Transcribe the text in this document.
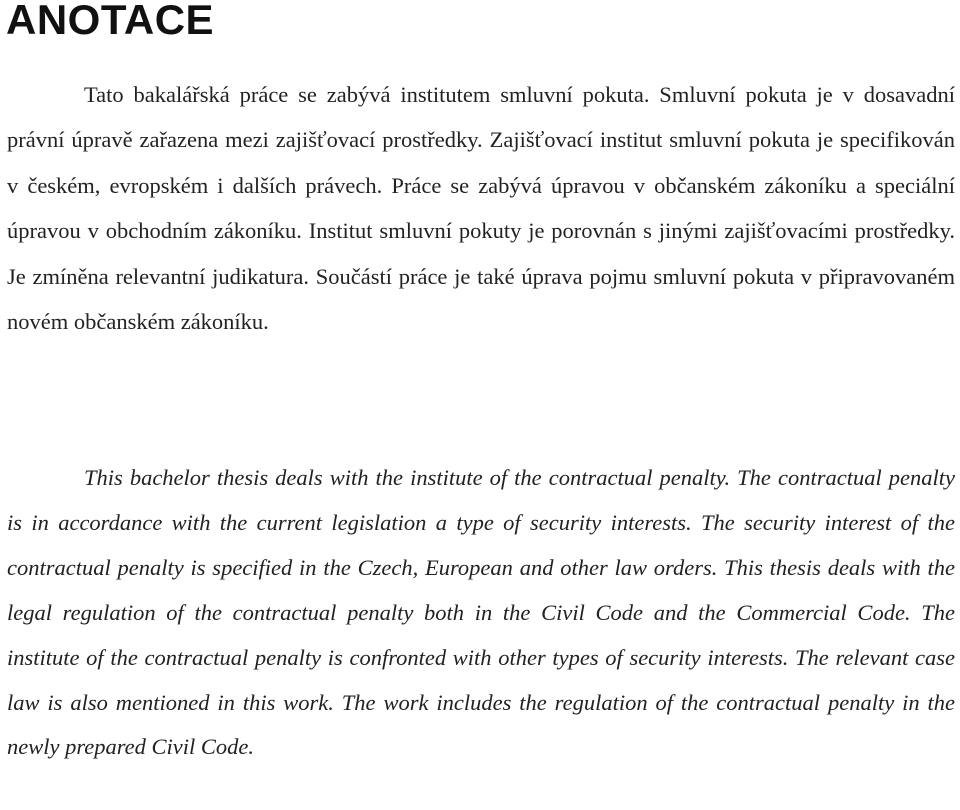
ANOTACE

Tato bakalářská práce se zabývá institutem smluvní pokuta. Smluvní pokuta je v dosavadní právní úpravě zařazena mezi zajišťovací prostředky. Zajišťovací institut smluvní pokuta je specifikován v českém, evropském i dalších právech. Práce se zabývá úpravou v občanském zákoníku a speciální úpravou v obchodním zákoníku. Institut smluvní pokuty je porovnán s jinými zajišťovacími prostředky. Je zmíněna relevantní judikatura. Součástí práce je také úprava pojmu smluvní pokuta v připravovaném novém občanském zákoníku.

This bachelor thesis deals with the institute of the contractual penalty. The contractual penalty is in accordance with the current legislation a type of security interests. The security interest of the contractual penalty is specified in the Czech, European and other law orders. This thesis deals with the legal regulation of the contractual penalty both in the Civil Code and the Commercial Code. The institute of the contractual penalty is confronted with other types of security interests. The relevant case law is also mentioned in this work. The work includes the regulation of the contractual penalty in the newly prepared Civil Code.
